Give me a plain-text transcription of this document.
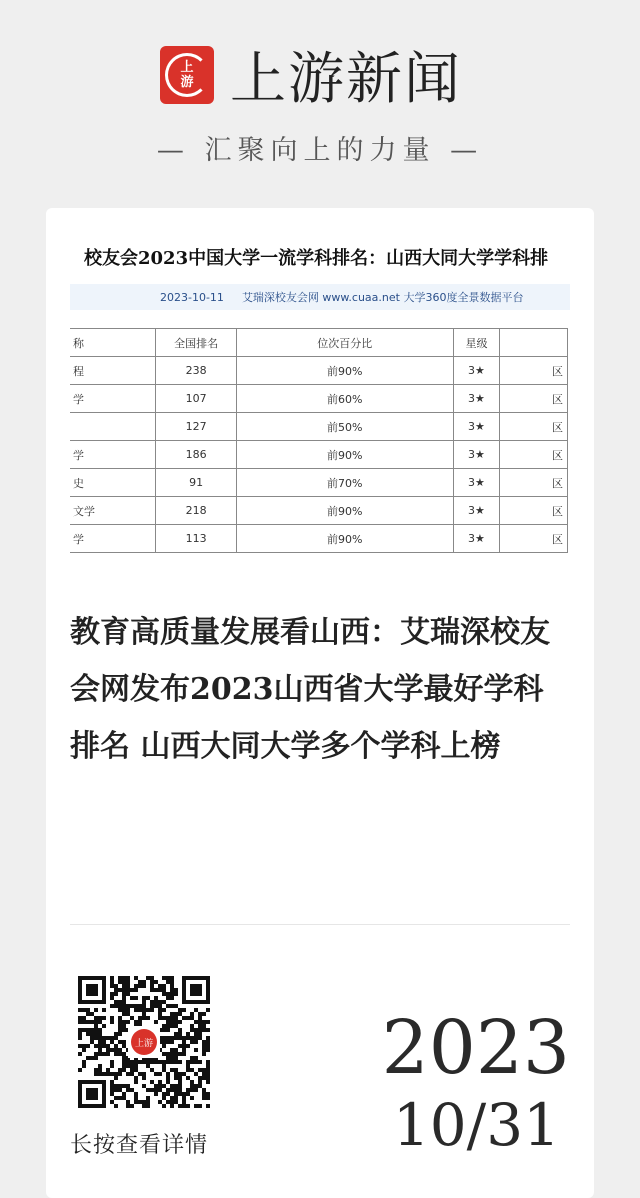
上
游 上游新闻
— 汇聚向上的力量 —
校友会2023中国大学一流学科排名：山西大同大学学科排
2023-10-11 艾瑞深校友会网 www.cuaa.net 大学360度全景数据平台
称	全国排名	位次百分比	星级	
程	238	前90%	3★	区
学	107	前60%	3★	区
	127	前50%	3★	区
学	186	前90%	3★	区
史	91	前70%	3★	区
文学	218	前90%	3★	区
学	113	前90%	3★	区
教育高质量发展看山西：艾瑞深校友会网发布2023山西省大学最好学科排名 山西大同大学多个学科上榜
上游
长按查看详情
2023
10/31
